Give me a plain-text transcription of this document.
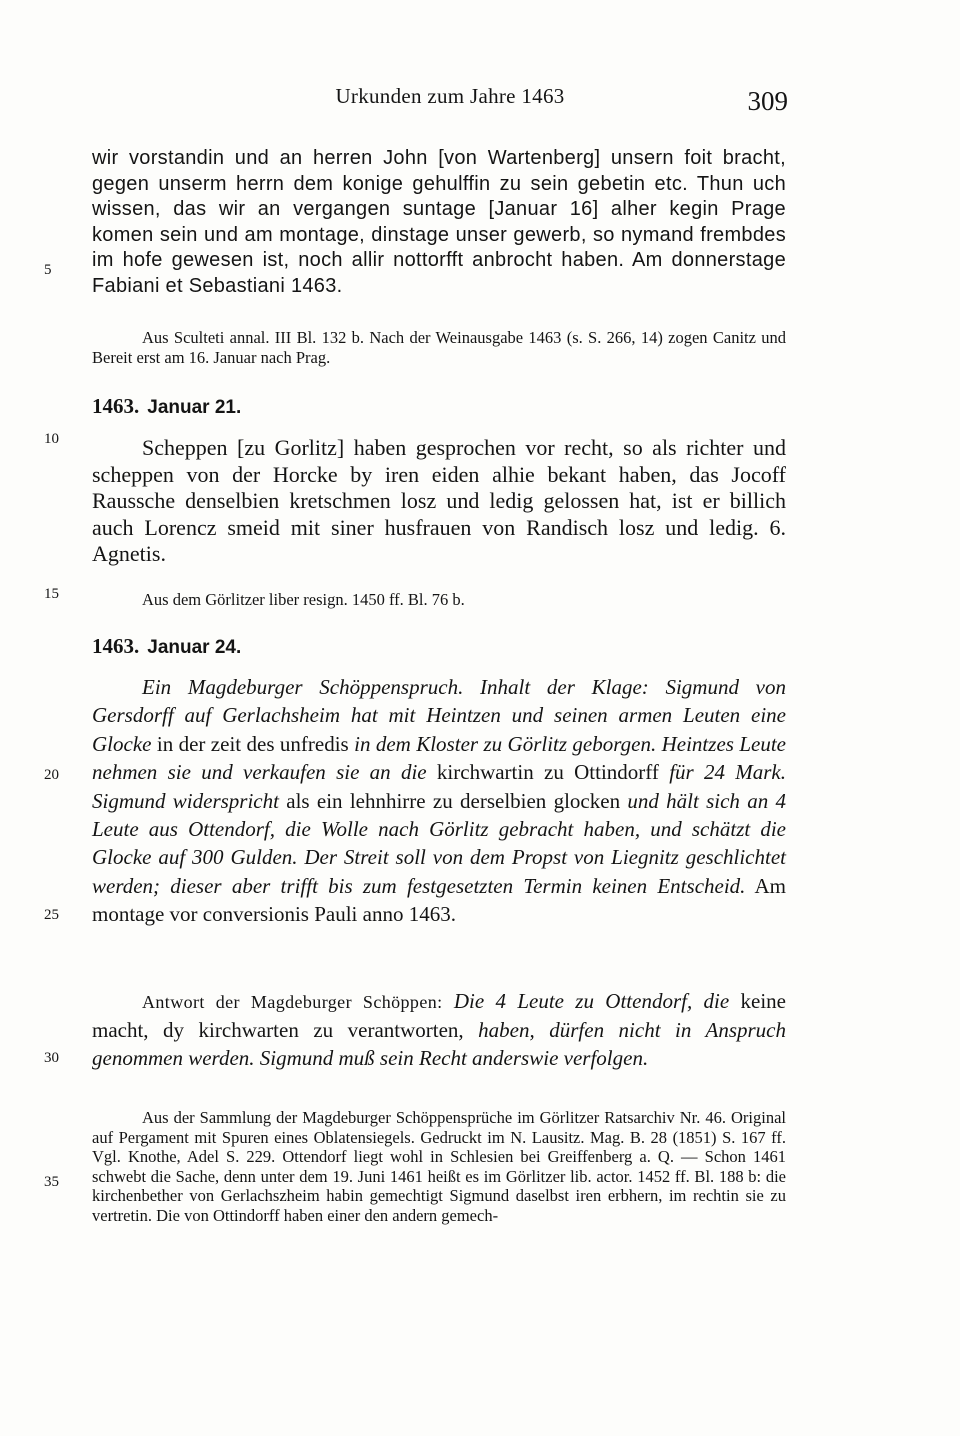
Urkunden zum Jahre 1463	309
5
10
15
20
25
30
35

wir vorstandin und an herren John [von Wartenberg] unsern foit bracht, gegen unserm herrn dem konige gehulffin zu sein gebetin etc. Thun uch wissen, das wir an vergangen suntage [Januar 16] alher kegin Prage komen sein und am montage, dinstage unser gewerb, so nymand frembdes im hofe gewesen ist, noch allir nottorfft anbrocht haben. Am donnerstage Fabiani et Sebastiani 1463.

Aus Sculteti annal. III Bl. 132 b. Nach der Weinausgabe 1463 (s. S. 266, 14) zogen Canitz und Bereit erst am 16. Januar nach Prag.

1463. Januar 21.

Scheppen [zu Gorlitz] haben gesprochen vor recht, so als richter und scheppen von der Horcke by iren eiden alhie bekant haben, das Jocoff Raussche denselbien kretschmen losz und ledig gelossen hat, ist er billich auch Lorencz smeid mit siner husfrauen von Randisch losz und ledig. 6. Agnetis.

Aus dem Görlitzer liber resign. 1450 ff. Bl. 76 b.

1463. Januar 24.

Ein Magdeburger Schöppenspruch. Inhalt der Klage: Sigmund von Gersdorff auf Gerlachsheim hat mit Heintzen und seinen armen Leuten eine Glocke in der zeit des unfredis in dem Kloster zu Görlitz geborgen. Heintzes Leute nehmen sie und verkaufen sie an die kirchwartin zu Ottindorff für 24 Mark. Sigmund widerspricht als ein lehnhirre zu derselbien glocken und hält sich an 4 Leute aus Ottendorf, die Wolle nach Görlitz gebracht haben, und schätzt die Glocke auf 300 Gulden. Der Streit soll von dem Propst von Liegnitz geschlichtet werden; dieser aber trifft bis zum festgesetzten Termin keinen Entscheid. Am montage vor conversionis Pauli anno 1463.

Antwort der Magdeburger Schöppen: Die 4 Leute zu Ottendorf, die keine macht, dy kirchwarten zu verantworten, haben, dürfen nicht in Anspruch genommen werden. Sigmund muß sein Recht anderswie verfolgen.

Aus der Sammlung der Magdeburger Schöppensprüche im Görlitzer Ratsarchiv Nr. 46. Original auf Pergament mit Spuren eines Oblatensiegels. Gedruckt im N. Lausitz. Mag. B. 28 (1851) S. 167 ff. Vgl. Knothe, Adel S. 229. Ottendorf liegt wohl in Schlesien bei Greiffenberg a. Q. — Schon 1461 schwebt die Sache, denn unter dem 19. Juni 1461 heißt es im Görlitzer lib. actor. 1452 ff. Bl. 188 b: die kirchenbether von Gerlachszheim habin gemechtigt Sigmund daselbst iren erbhern, im rechtin sie zu vertretin. Die von Ottindorff haben einer den andern gemech-
